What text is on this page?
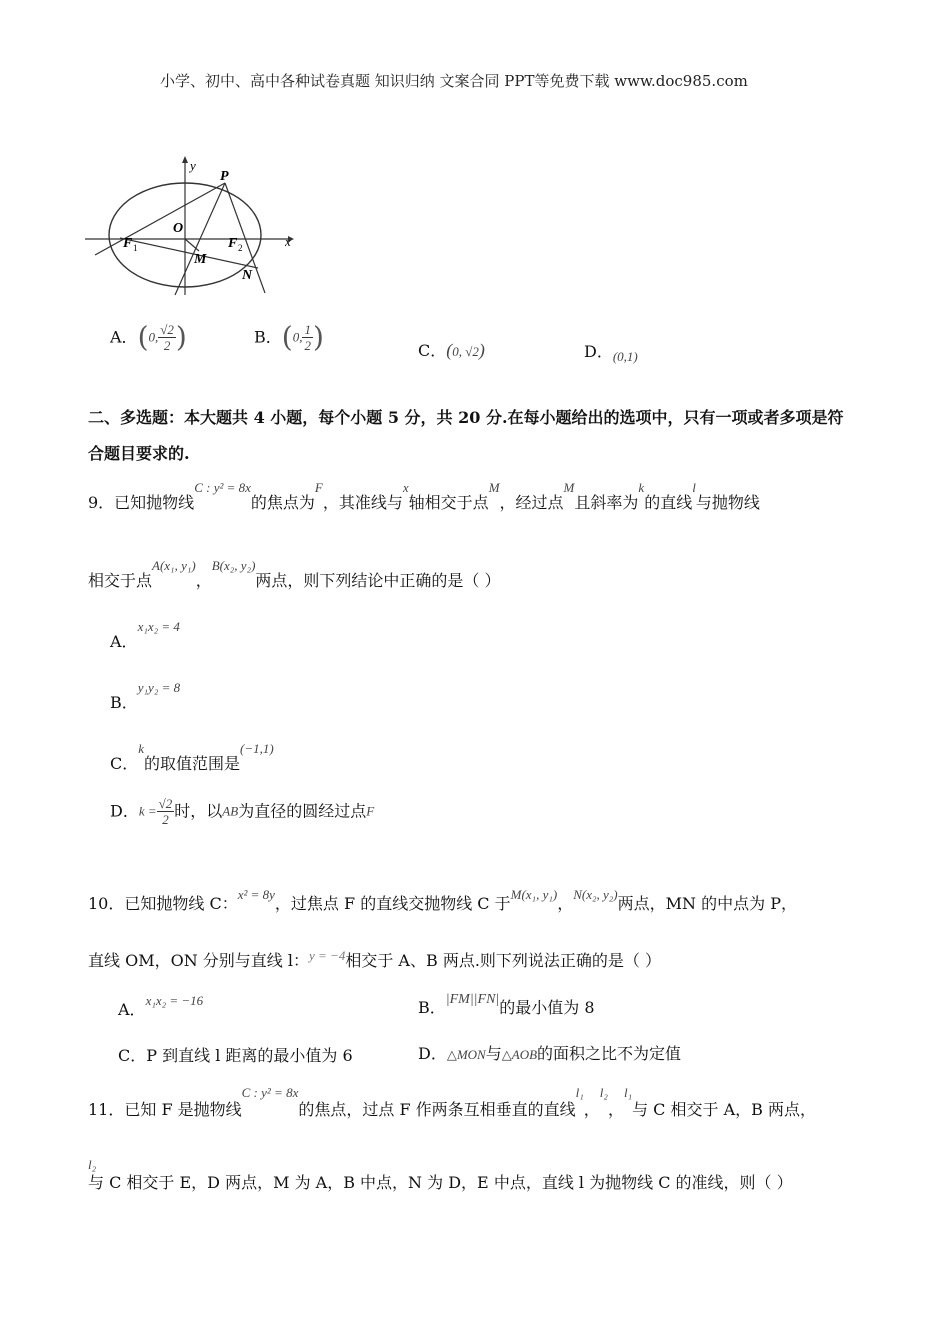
小学、初中、高中各种试卷真题 知识归纳 文案合同 PPT等免费下载 www.doc985.com
y
x
P
O
F 1	F 2
M
N
A．(0, $\frac{√2}{2}$ )	B．(0, $\frac{1}{2}$ )	C．(0, √2)	D．$_{(0,1)}$
二、多选题：本大题共 4 小题，每个小题 5 分，共 20 分.在每小题给出的选项中，只有一项或者多项是符
合题目要求的.
9．已知抛物线C : y² = 8x的焦点为F，其准线与x轴相交于点M，经过点M且斜率为k的直线l与抛物线
相交于点A(x₁, y₁)，B(x₂, y₂)两点，则下列结论中正确的是（ ）
A．x₁x₂ = 4
B．y₁y₂ = 8
C．k的取值范围是(−1,1)
D．$k = \frac{√2}{2}$ 时，以AB为直径的圆经过点F
10．已知抛物线 C：x² = 8y，过焦点 F 的直线交抛物线 C 于M(x₁, y₁)，N(x₂, y₂)两点，MN 的中点为 P，
直线 OM，ON 分别与直线 l：y = −4相交于 A、B 两点.则下列说法正确的是（ ）
A．x₁x₂ = −16	B．|FM||FN|的最小值为 8
C．P 到直线 l 距离的最小值为 6	D．△MON与△AOB的面积之比不为定值
11．已知 F 是抛物线C : y² = 8x的焦点，过点 F 作两条互相垂直的直线l₁，l₂，l₁与 C 相交于 A，B 两点，
l₂
与 C 相交于 E，D 两点，M 为 A，B 中点，N 为 D，E 中点，直线 l 为抛物线 C 的准线，则（ ）
